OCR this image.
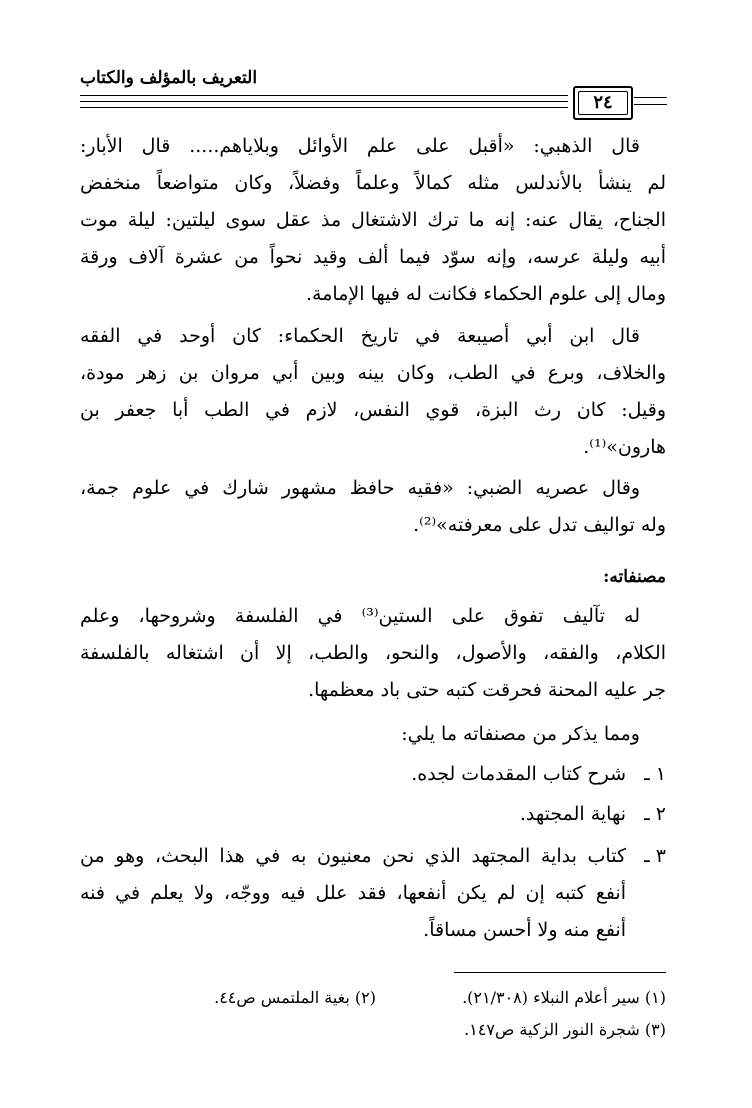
التعريف بالمؤلف والكتاب
٢٤
قال الذهبي: «أقبل على علم الأوائل وبلاياهم..... قال الأبار:
لم ينشأ بالأندلس مثله كمالاً وعلماً وفضلاً، وكان متواضعاً منخفض
الجناح، يقال عنه: إنه ما ترك الاشتغال مذ عقل سوى ليلتين: ليلة موت
أبيه وليلة عرسه، وإنه سوّد فيما ألف وقيد نحواً من عشرة آلاف ورقة
ومال إلى علوم الحكماء فكانت له فيها الإمامة.
قال ابن أبي أصيبعة في تاريخ الحكماء: كان أوحد في الفقه
والخلاف، وبرع في الطب، وكان بينه وبين أبي مروان بن زهر مودة،
وقيل: كان رث البزة، قوي النفس، لازم في الطب أبا جعفر بن
هارون»⁽¹⁾.
وقال عصريه الضبي: «فقيه حافظ مشهور شارك في علوم جمة،
وله تواليف تدل على معرفته»⁽²⁾.
مصنفاته:
له تآليف تفوق على الستين⁽³⁾ في الفلسفة وشروحها، وعلم
الكلام، والفقه، والأصول، والنحو، والطب، إلا أن اشتغاله بالفلسفة
جر عليه المحنة فحرقت كتبه حتى باد معظمها.
ومما يذكر من مصنفاته ما يلي:
١ ـ
شرح كتاب المقدمات لجده.
٢ ـ
نهاية المجتهد.
٣ ـ
كتاب بداية المجتهد الذي نحن معنيون به في هذا البحث، وهو من
أنفع كتبه إن لم يكن أنفعها، فقد علل فيه ووجّه، ولا يعلم في فنه
أنفع منه ولا أحسن مساقاً.
(١) سير أعلام النبلاء (٢١/٣٠٨).
(٢) بغية الملتمس ص٤٤.
(٣) شجرة النور الزكية ص١٤٧.
